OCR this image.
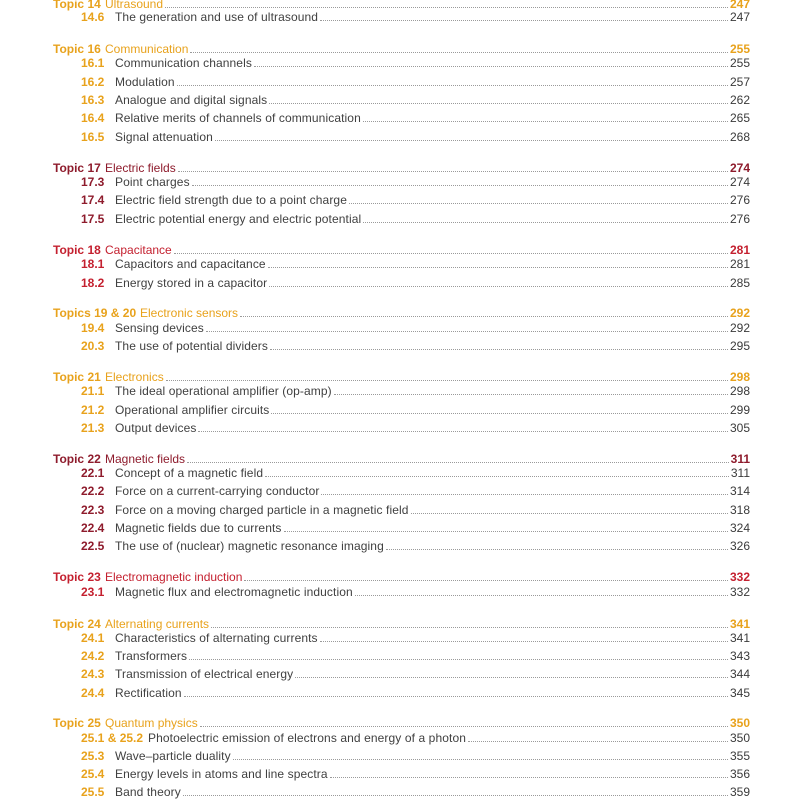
Topic 14 Ultrasound	247
14.6 The generation and use of ultrasound	247
Topic 16 Communication	255
16.1 Communication channels	255
16.2 Modulation	257
16.3 Analogue and digital signals	262
16.4 Relative merits of channels of communication	265
16.5 Signal attenuation	268
Topic 17 Electric fields	274
17.3 Point charges	274
17.4 Electric field strength due to a point charge	276
17.5 Electric potential energy and electric potential	276
Topic 18 Capacitance	281
18.1 Capacitors and capacitance	281
18.2 Energy stored in a capacitor	285
Topics 19 & 20 Electronic sensors	292
19.4 Sensing devices	292
20.3 The use of potential dividers	295
Topic 21 Electronics	298
21.1 The ideal operational amplifier (op-amp)	298
21.2 Operational amplifier circuits	299
21.3 Output devices	305
Topic 22 Magnetic fields	311
22.1 Concept of a magnetic field	311
22.2 Force on a current-carrying conductor	314
22.3 Force on a moving charged particle in a magnetic field	318
22.4 Magnetic fields due to currents	324
22.5 The use of (nuclear) magnetic resonance imaging	326
Topic 23 Electromagnetic induction	332
23.1 Magnetic flux and electromagnetic induction	332
Topic 24 Alternating currents	341
24.1 Characteristics of alternating currents	341
24.2 Transformers	343
24.3 Transmission of electrical energy	344
24.4 Rectification	345
Topic 25 Quantum physics	350
25.1 & 25.2 Photoelectric emission of electrons and energy of a photon	350
25.3 Wave–particle duality	355
25.4 Energy levels in atoms and line spectra	356
25.5 Band theory	359
